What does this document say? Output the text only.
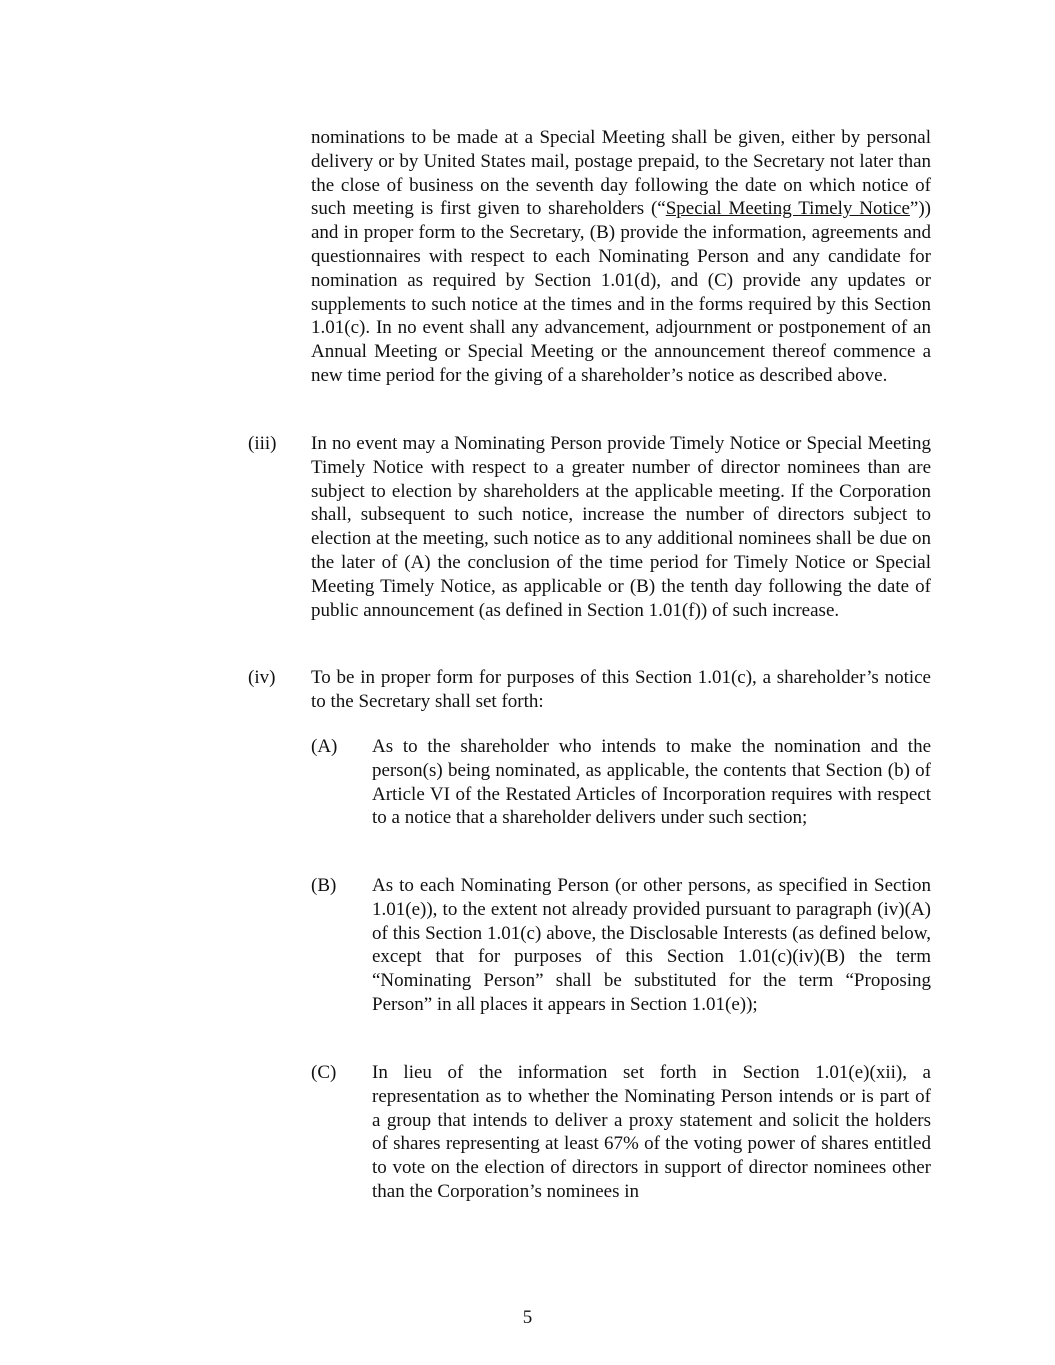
nominations to be made at a Special Meeting shall be given, either by personal delivery or by United States mail, postage prepaid, to the Secretary not later than the close of business on the seventh day following the date on which notice of such meeting is first given to shareholders (“Special Meeting Timely Notice”)) and in proper form to the Secretary, (B) provide the information, agreements and questionnaires with respect to each Nominating Person and any candidate for nomination as required by Section 1.01(d), and (C) provide any updates or supplements to such notice at the times and in the forms required by this Section 1.01(c). In no event shall any advancement, adjournment or postponement of an Annual Meeting or Special Meeting or the announcement thereof commence a new time period for the giving of a shareholder’s notice as described above.

(iii) In no event may a Nominating Person provide Timely Notice or Special Meeting Timely Notice with respect to a greater number of director nominees than are subject to election by shareholders at the applicable meeting. If the Corporation shall, subsequent to such notice, increase the number of directors subject to election at the meeting, such notice as to any additional nominees shall be due on the later of (A) the conclusion of the time period for Timely Notice or Special Meeting Timely Notice, as applicable or (B) the tenth day following the date of public announcement (as defined in Section 1.01(f)) of such increase.

(iv) To be in proper form for purposes of this Section 1.01(c), a shareholder’s notice to the Secretary shall set forth:

(A) As to the shareholder who intends to make the nomination and the person(s) being nominated, as applicable, the contents that Section (b) of Article VI of the Restated Articles of Incorporation requires with respect to a notice that a shareholder delivers under such section;

(B) As to each Nominating Person (or other persons, as specified in Section 1.01(e)), to the extent not already provided pursuant to paragraph (iv)(A) of this Section 1.01(c) above, the Disclosable Interests (as defined below, except that for purposes of this Section 1.01(c)(iv)(B) the term “Nominating Person” shall be substituted for the term “Proposing Person” in all places it appears in Section 1.01(e));

(C) In lieu of the information set forth in Section 1.01(e)(xii), a representation as to whether the Nominating Person intends or is part of a group that intends to deliver a proxy statement and solicit the holders of shares representing at least 67% of the voting power of shares entitled to vote on the election of directors in support of director nominees other than the Corporation’s nominees in

5
